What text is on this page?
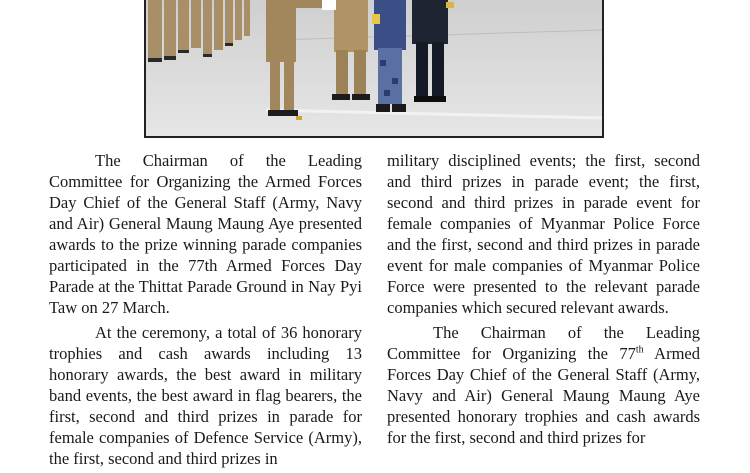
The Chairman of the Leading Committee for Organizing the Armed Forces Day Chief of the General Staff (Army, Navy and Air) General Maung Maung Aye presented awards to the prize winning parade companies participated in the 77th Armed Forces Day Parade at the Thittat Parade Ground in Nay Pyi Taw on 27 March.

At the ceremony, a total of 36 honorary trophies and cash awards including 13 honorary awards, the best award in military band events, the best award in flag bearers, the first, second and third prizes in parade for female companies of Defence Service (Army), the first, second and third prizes in

military disciplined events; the first, second and third prizes in parade event; the first, second and third prizes in parade event for female companies of Myanmar Police Force and the first, second and third prizes in parade event for male companies of Myanmar Police Force were presented to the relevant parade companies which secured relevant awards.

The Chairman of the Leading Committee for Organizing the 77th Armed Forces Day Chief of the General Staff (Army, Navy and Air) General Maung Maung Aye presented honorary trophies and cash awards for the first, second and third prizes for
